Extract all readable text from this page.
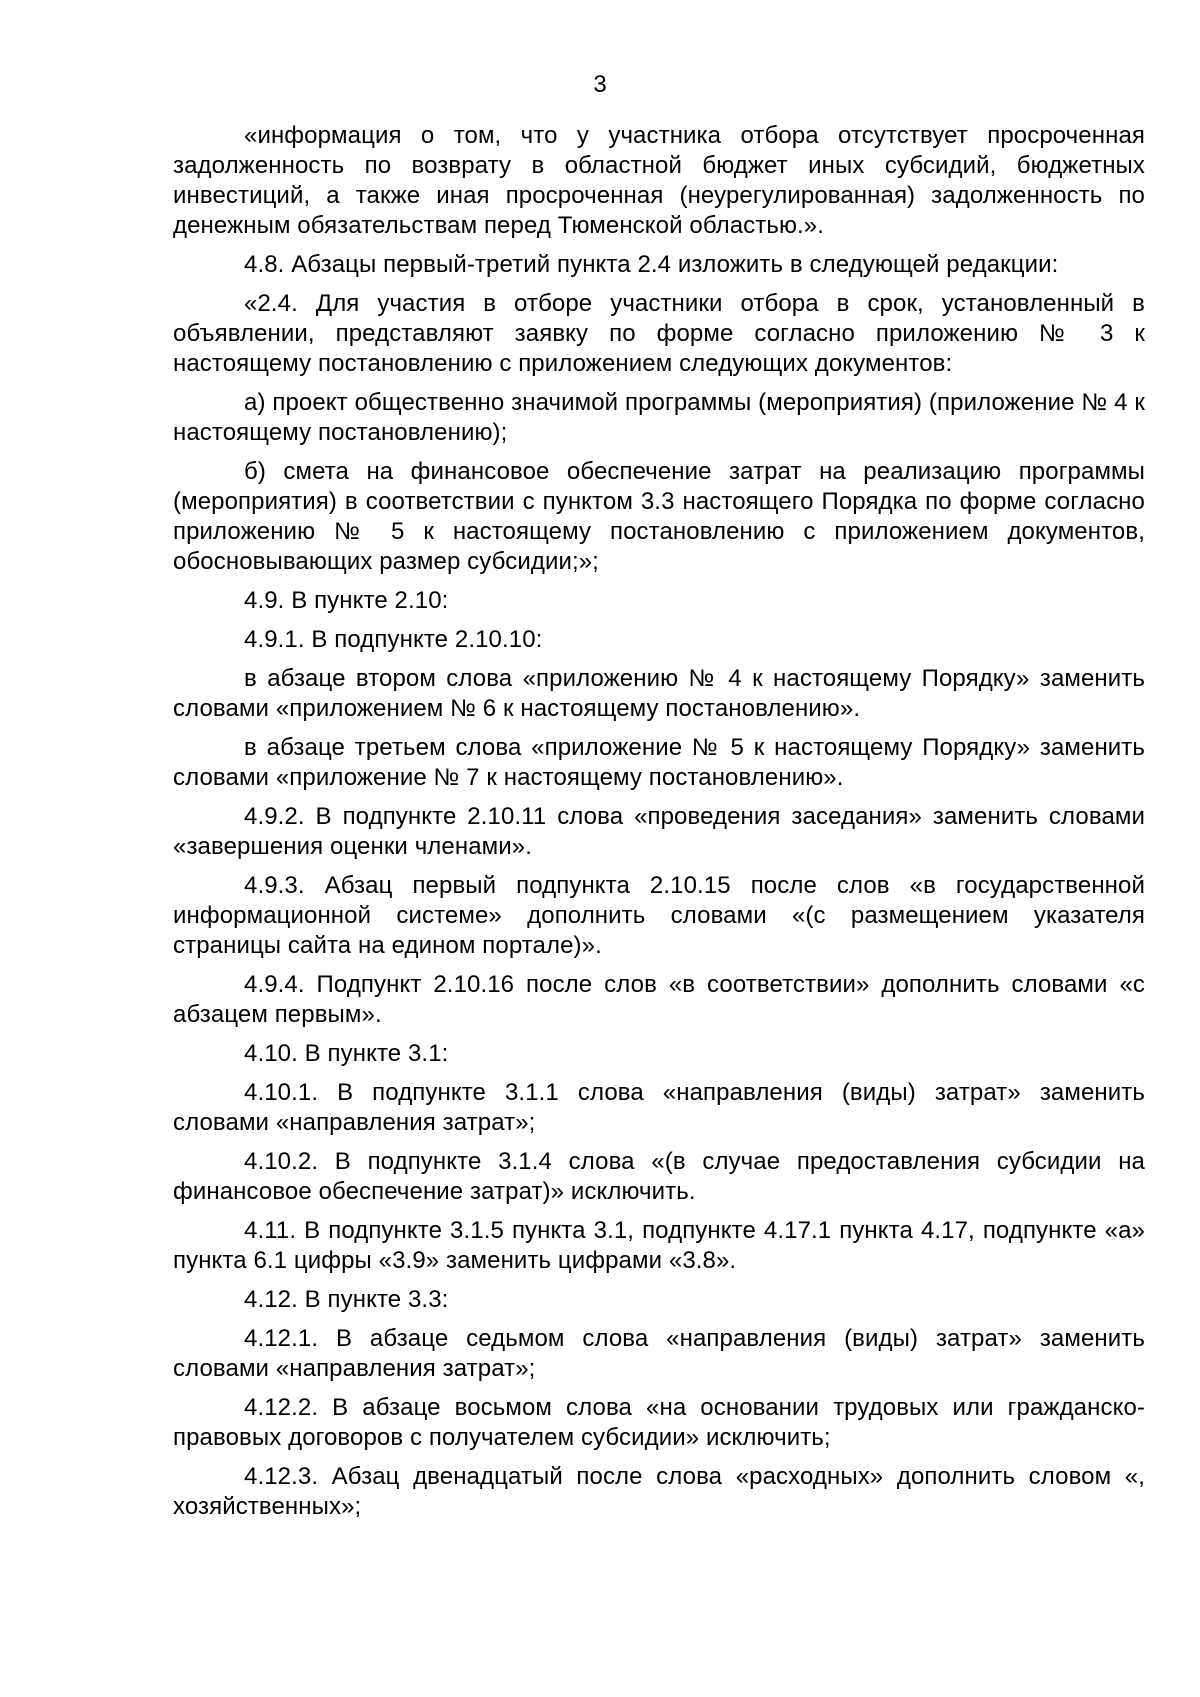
3

«информация о том, что у участника отбора отсутствует просроченная задолженность по возврату в областной бюджет иных субсидий, бюджетных инвестиций, а также иная просроченная (неурегулированная) задолженность по денежным обязательствам перед Тюменской областью.».

4.8. Абзацы первый-третий пункта 2.4 изложить в следующей редакции:

«2.4. Для участия в отборе участники отбора в срок, установленный в объявлении, представляют заявку по форме согласно приложению № 3 к настоящему постановлению с приложением следующих документов:

а) проект общественно значимой программы (мероприятия) (приложение № 4 к настоящему постановлению);

б) смета на финансовое обеспечение затрат на реализацию программы (мероприятия) в соответствии с пунктом 3.3 настоящего Порядка по форме согласно приложению № 5 к настоящему постановлению с приложением документов, обосновывающих размер субсидии;»;

4.9. В пункте 2.10:

4.9.1. В подпункте 2.10.10:

в абзаце втором слова «приложению № 4 к настоящему Порядку» заменить словами «приложением № 6 к настоящему постановлению».

в абзаце третьем слова «приложение № 5 к настоящему Порядку» заменить словами «приложение № 7 к настоящему постановлению».

4.9.2. В подпункте 2.10.11 слова «проведения заседания» заменить словами «завершения оценки членами».

4.9.3. Абзац первый подпункта 2.10.15 после слов «в государственной информационной системе» дополнить словами «(с размещением указателя страницы сайта на едином портале)».

4.9.4. Подпункт 2.10.16 после слов «в соответствии» дополнить словами «с абзацем первым».

4.10. В пункте 3.1:

4.10.1. В подпункте 3.1.1 слова «направления (виды) затрат» заменить словами «направления затрат»;

4.10.2. В подпункте 3.1.4 слова «(в случае предоставления субсидии на финансовое обеспечение затрат)» исключить.

4.11. В подпункте 3.1.5 пункта 3.1, подпункте 4.17.1 пункта 4.17, подпункте «а» пункта 6.1 цифры «3.9» заменить цифрами «3.8».

4.12. В пункте 3.3:

4.12.1. В абзаце седьмом слова «направления (виды) затрат» заменить словами «направления затрат»;

4.12.2. В абзаце восьмом слова «на основании трудовых или гражданско-правовых договоров с получателем субсидии» исключить;

4.12.3. Абзац двенадцатый после слова «расходных» дополнить словом «, хозяйственных»;
